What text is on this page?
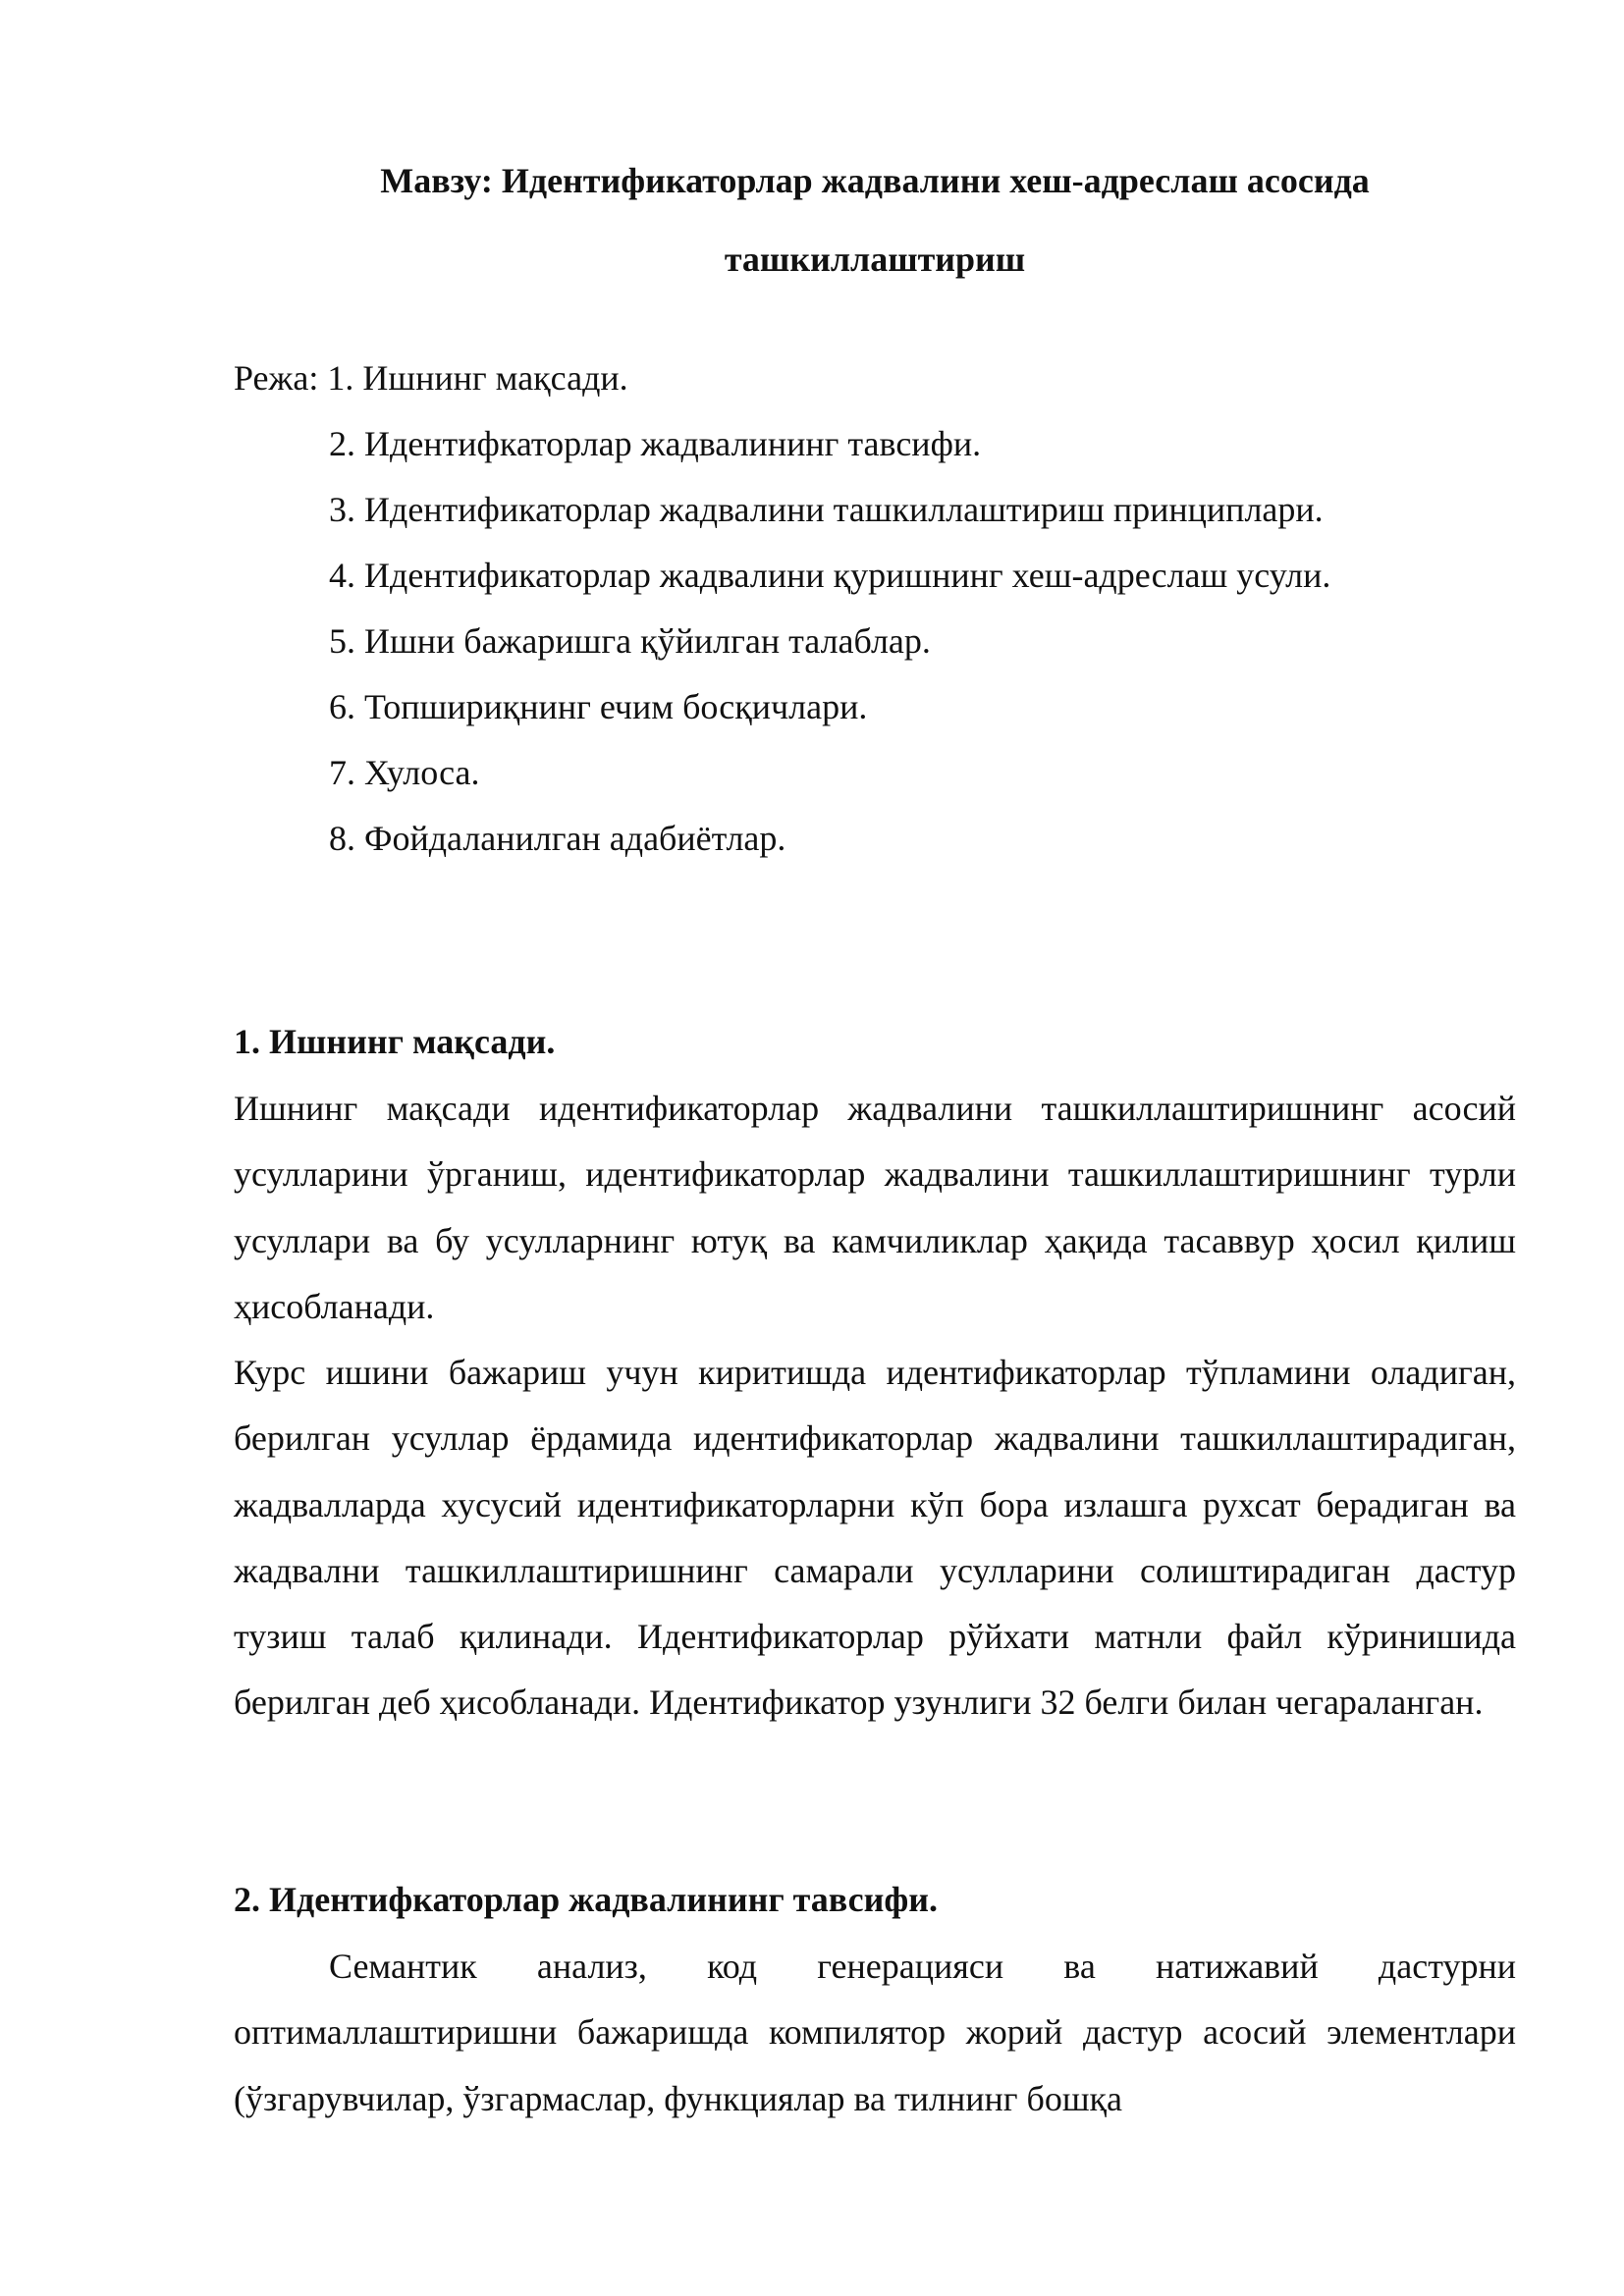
Мавзу: Идентификаторлар жадвалини хеш-адреслаш асосида
ташкиллаштириш
Режа: 1. Ишнинг мақсади.
2. Идентифкаторлар жадвалининг тавсифи.
3. Идентификаторлар жадвалини ташкиллаштириш принциплари.
4. Идентификаторлар жадвалини қуришнинг хеш-адреслаш усули.
5. Ишни бажаришга қўйилган талаблар.
6. Топшириқнинг ечим босқичлари.
7. Хулоса.
8. Фойдаланилган адабиётлар.
1. Ишнинг мақсади.

Ишнинг мақсади идентификаторлар жадвалини ташкиллаштиришнинг асосий усулларини ўрганиш, идентификаторлар жадвалини ташкиллаштиришнинг турли усуллари ва бу усулларнинг ютуқ ва камчиликлар ҳақида тасаввур ҳосил қилиш ҳисобланади.

Курс ишини бажариш учун киритишда идентификаторлар тўпламини оладиган, берилган усуллар ёрдамида идентификаторлар жадвалини ташкиллаштирадиган, жадвалларда хусусий идентификаторларни кўп бора излашга рухсат берадиган ва жадвални ташкиллаштиришнинг самарали усулларини солиштирадиган дастур тузиш талаб қилинади. Идентификаторлар рўйхати матнли файл кўринишида берилган деб ҳисобланади. Идентификатор узунлиги 32 белги билан чегараланган.

2. Идентифкаторлар жадвалининг тавсифи.

Семантик анализ, код генерацияси ва натижавий дастурни оптималлаштиришни бажаришда компилятор жорий дастур асосий элементлари (ўзгарувчилар, ўзгармаслар, функциялар ва тилнинг бошқа
